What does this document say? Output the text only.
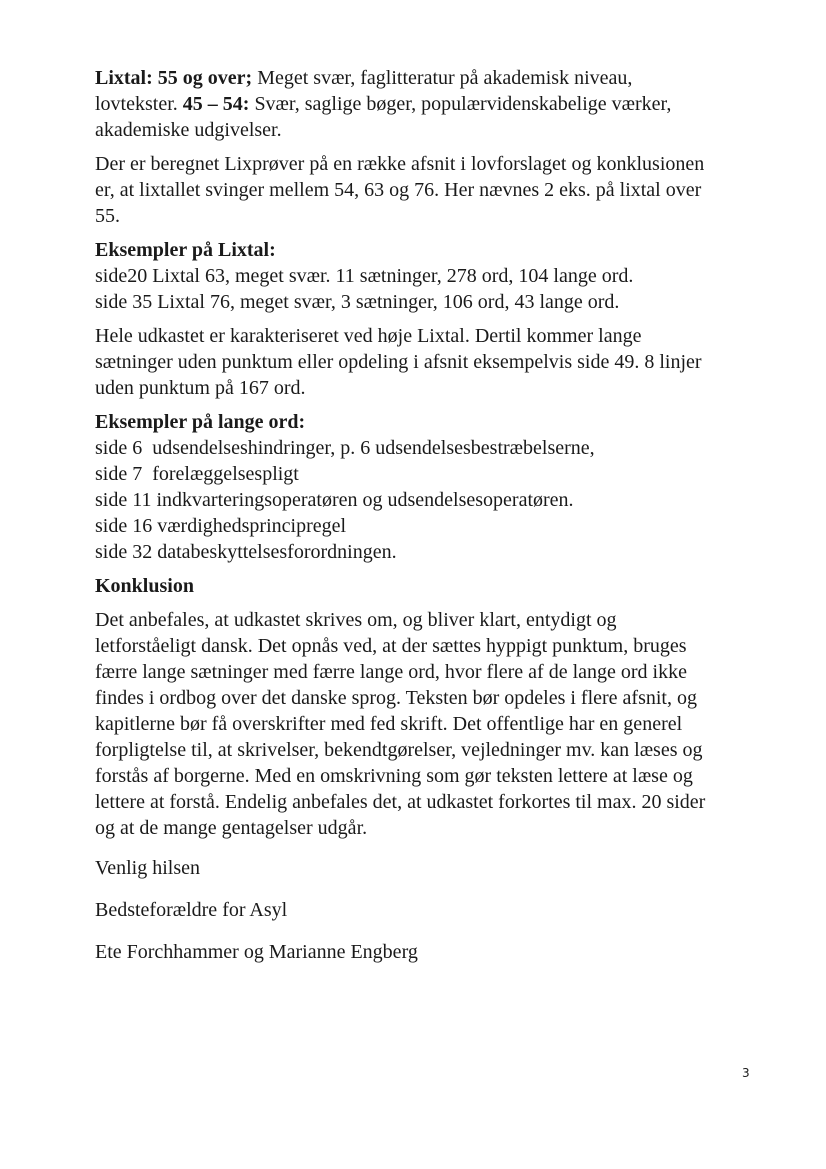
Lixtal: 55 og over; Meget svær, faglitteratur på akademisk niveau,
lovtekster. 45 – 54: Svær, saglige bøger, populærvidenskabelige værker,
akademiske udgivelser.
Der er beregnet Lixprøver på en række afsnit i lovforslaget og konklusionen
er, at lixtallet svinger mellem 54, 63 og 76. Her nævnes 2 eks. på lixtal over
55.
Eksempler på Lixtal:
side20 Lixtal 63, meget svær. 11 sætninger, 278 ord, 104 lange ord.
side 35 Lixtal 76, meget svær, 3 sætninger, 106 ord, 43 lange ord.
Hele udkastet er karakteriseret ved høje Lixtal. Dertil kommer lange
sætninger uden punktum eller opdeling i afsnit eksempelvis side 49. 8 linjer
uden punktum på 167 ord.
Eksempler på lange ord:
side 6  udsendelseshindringer, p. 6 udsendelsesbestræbelserne,
side 7  forelæggelsespligt
side 11 indkvarteringsoperatøren og udsendelsesoperatøren.
side 16 værdighedsprincipregel
side 32 databeskyttelsesforordningen.
Konklusion
Det anbefales, at udkastet skrives om, og bliver klart, entydigt og
letforståeligt dansk. Det opnås ved, at der sættes hyppigt punktum, bruges
færre lange sætninger med færre lange ord, hvor flere af de lange ord ikke
findes i ordbog over det danske sprog. Teksten bør opdeles i flere afsnit, og
kapitlerne bør få overskrifter med fed skrift. Det offentlige har en generel
forpligtelse til, at skrivelser, bekendtgørelser, vejledninger mv. kan læses og
forstås af borgerne. Med en omskrivning som gør teksten lettere at læse og
lettere at forstå. Endelig anbefales det, at udkastet forkortes til max. 20 sider
og at de mange gentagelser udgår.
Venlig hilsen
Bedsteforældre for Asyl
Ete Forchhammer og Marianne Engberg
3
